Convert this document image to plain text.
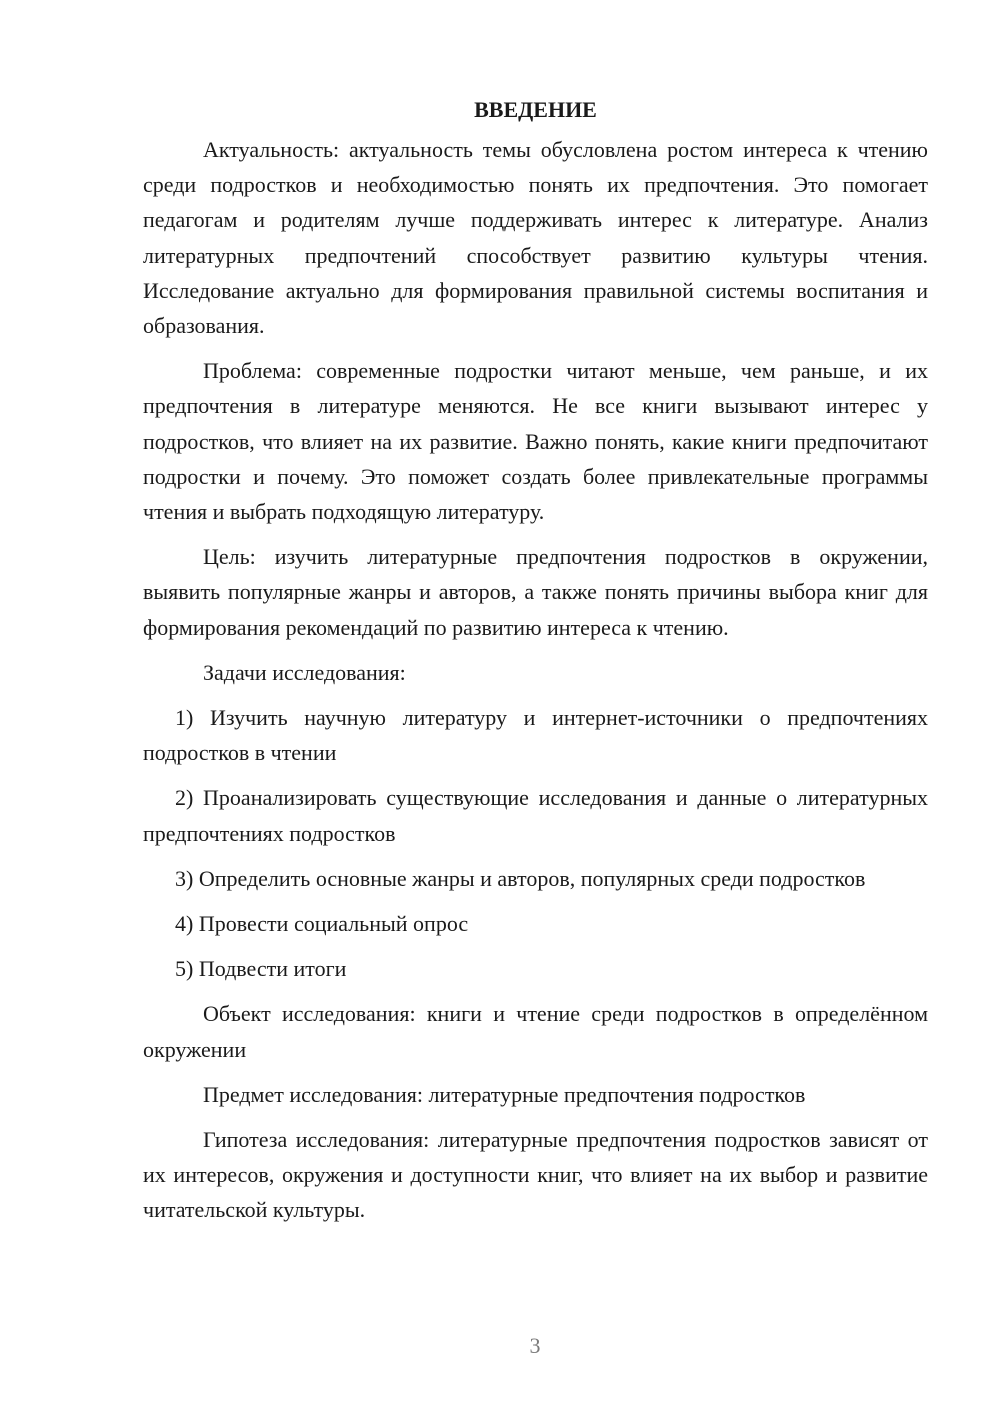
ВВЕДЕНИЕ

Актуальность: актуальность темы обусловлена ростом интереса к чтению среди подростков и необходимостью понять их предпочтения. Это помогает педагогам и родителям лучше поддерживать интерес к литературе. Анализ литературных предпочтений способствует развитию культуры чтения. Исследование актуально для формирования правильной системы воспитания и образования.

Проблема: современные подростки читают меньше, чем раньше, и их предпочтения в литературе меняются. Не все книги вызывают интерес у подростков, что влияет на их развитие. Важно понять, какие книги предпочитают подростки и почему. Это поможет создать более привлекательные программы чтения и выбрать подходящую литературу.

Цель: изучить литературные предпочтения подростков в окружении, выявить популярные жанры и авторов, а также понять причины выбора книг для формирования рекомендаций по развитию интереса к чтению.

Задачи исследования:

1) Изучить научную литературу и интернет-источники о предпочтениях подростков в чтении

2) Проанализировать существующие исследования и данные о литературных предпочтениях подростков

3) Определить основные жанры и авторов, популярных среди подростков

4) Провести социальный опрос

5) Подвести итоги

Объект исследования: книги и чтение среди подростков в определённом окружении

Предмет исследования: литературные предпочтения подростков

Гипотеза исследования: литературные предпочтения подростков зависят от их интересов, окружения и доступности книг, что влияет на их выбор и развитие читательской культуры.

3
